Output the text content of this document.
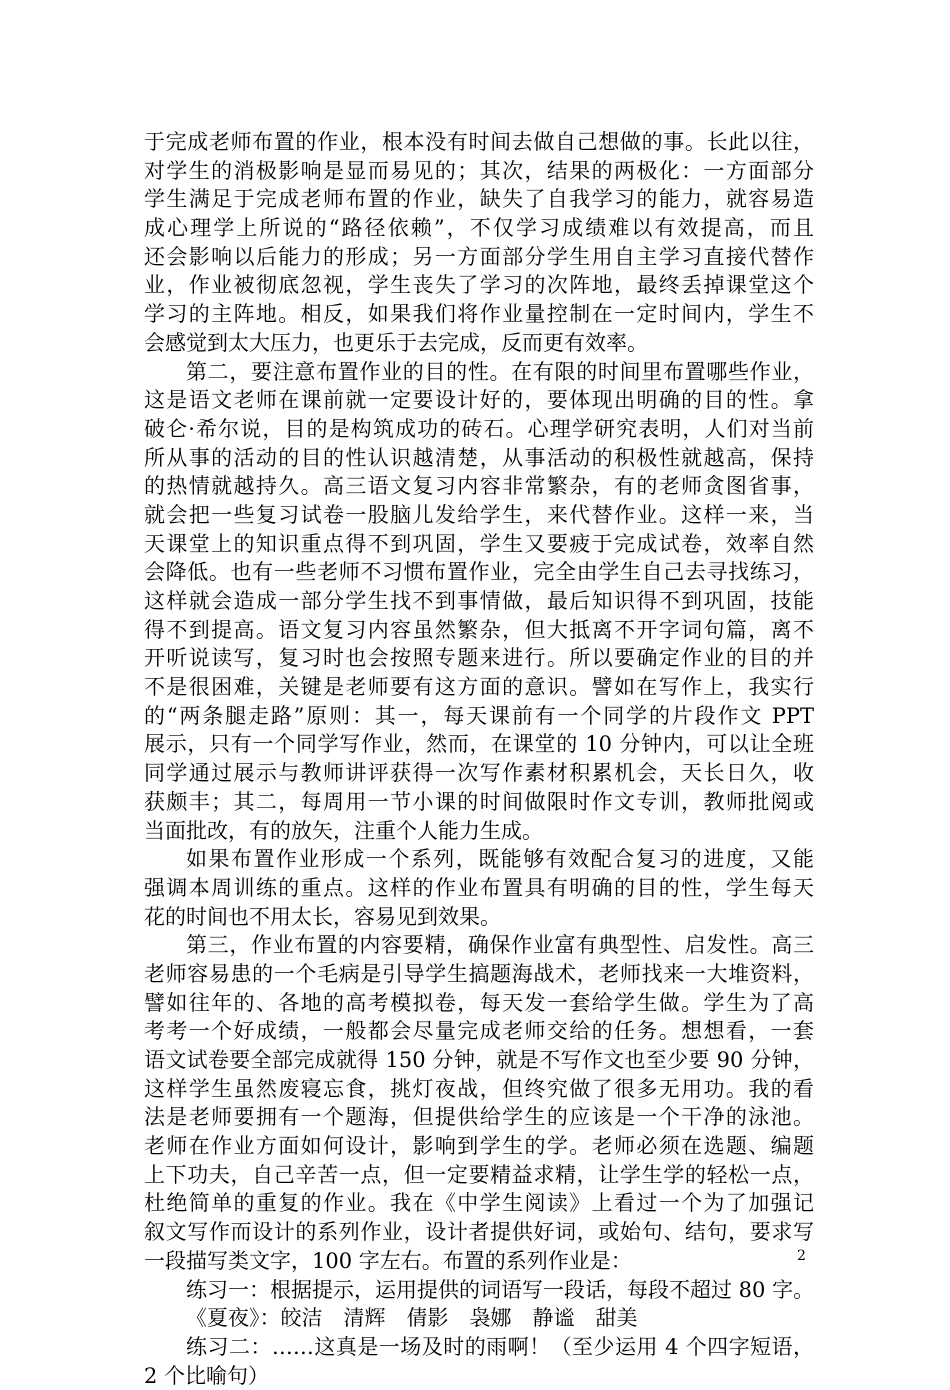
于完成老师布置的作业，根本没有时间去做自己想做的事。长此以往，
对学生的消极影响是显而易见的；其次，结果的两极化：一方面部分
学生满足于完成老师布置的作业，缺失了自我学习的能力，就容易造
成心理学上所说的“路径依赖”，不仅学习成绩难以有效提高，而且
还会影响以后能力的形成；另一方面部分学生用自主学习直接代替作
业，作业被彻底忽视，学生丧失了学习的次阵地，最终丢掉课堂这个
学习的主阵地。相反，如果我们将作业量控制在一定时间内，学生不
会感觉到太大压力，也更乐于去完成，反而更有效率。
第二，要注意布置作业的目的性。在有限的时间里布置哪些作业，
这是语文老师在课前就一定要设计好的，要体现出明确的目的性。拿
破仑·希尔说，目的是构筑成功的砖石。心理学研究表明，人们对当前
所从事的活动的目的性认识越清楚，从事活动的积极性就越高，保持
的热情就越持久。高三语文复习内容非常繁杂，有的老师贪图省事，
就会把一些复习试卷一股脑儿发给学生，来代替作业。这样一来，当
天课堂上的知识重点得不到巩固，学生又要疲于完成试卷，效率自然
会降低。也有一些老师不习惯布置作业，完全由学生自己去寻找练习，
这样就会造成一部分学生找不到事情做，最后知识得不到巩固，技能
得不到提高。语文复习内容虽然繁杂，但大抵离不开字词句篇，离不
开听说读写，复习时也会按照专题来进行。所以要确定作业的目的并
不是很困难，关键是老师要有这方面的意识。譬如在写作上，我实行
的“两条腿走路”原则：其一，每天课前有一个同学的片段作文 PPT
展示，只有一个同学写作业，然而，在课堂的 10 分钟内，可以让全班
同学通过展示与教师讲评获得一次写作素材积累机会，天长日久，收
获颇丰；其二，每周用一节小课的时间做限时作文专训，教师批阅或
当面批改，有的放矢，注重个人能力生成。
如果布置作业形成一个系列，既能够有效配合复习的进度，又能
强调本周训练的重点。这样的作业布置具有明确的目的性，学生每天
花的时间也不用太长，容易见到效果。
第三，作业布置的内容要精，确保作业富有典型性、启发性。高三
老师容易患的一个毛病是引导学生搞题海战术，老师找来一大堆资料，
譬如往年的、各地的高考模拟卷，每天发一套给学生做。学生为了高
考考一个好成绩，一般都会尽量完成老师交给的任务。想想看，一套
语文试卷要全部完成就得 150 分钟，就是不写作文也至少要 90 分钟，
这样学生虽然废寝忘食，挑灯夜战，但终究做了很多无用功。我的看
法是老师要拥有一个题海，但提供给学生的应该是一个干净的泳池。
老师在作业方面如何设计，影响到学生的学。老师必须在选题、编题
上下功夫，自己辛苦一点，但一定要精益求精，让学生学的轻松一点，
杜绝简单的重复的作业。我在《中学生阅读》上看过一个为了加强记
叙文写作而设计的系列作业，设计者提供好词，或始句、结句，要求写
一段描写类文字，100 字左右。布置的系列作业是：
练习一：根据提示，运用提供的词语写一段话，每段不超过 80 字。
《夏夜》：皎洁　清辉　倩影　袅娜　静谧　甜美
练习二：……这真是一场及时的雨啊！（至少运用 4 个四字短语，
2 个比喻句）
2
